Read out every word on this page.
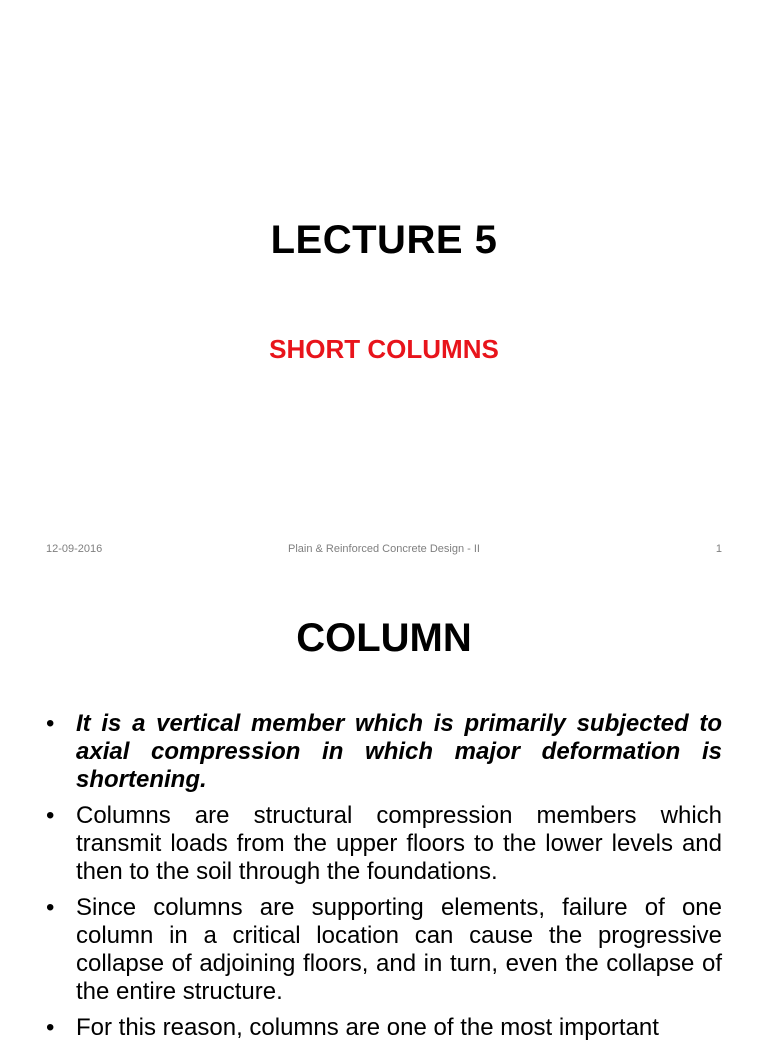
LECTURE 5
SHORT COLUMNS
12-09-2016	Plain & Reinforced Concrete Design - II	1
COLUMN
• It is a vertical member which is primarily subjected to axial compression in which major deformation is shortening.
• Columns are structural compression members which transmit loads from the upper floors to the lower levels and then to the soil through the foundations.
• Since columns are supporting elements, failure of one column in a critical location can cause the progressive collapse of adjoining floors, and in turn, even the collapse of the entire structure.
• For this reason, columns are one of the most important
